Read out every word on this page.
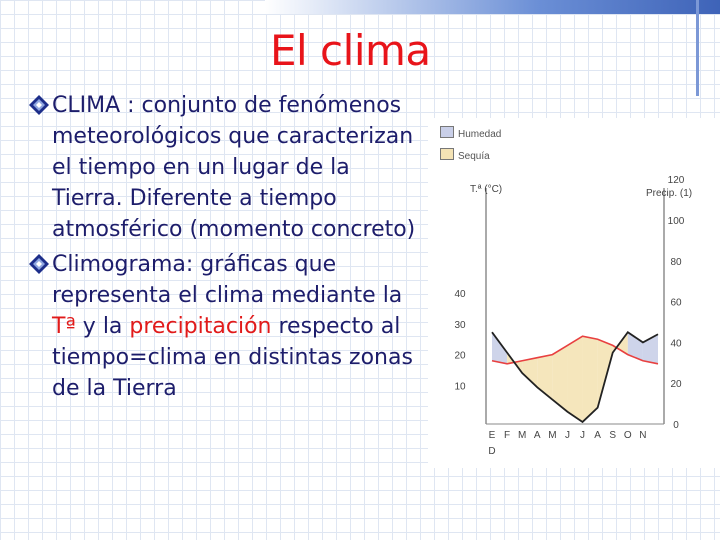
El clima
CLIMA : conjunto de fenómenos meteorológicos que caracterizan el tiempo en un lugar de la Tierra. Diferente a tiempo atmosférico (momento concreto)
Climograma: gráficas que representa el clima mediante la Tª y la precipitación respecto al tiempo=clima en distintas zonas de la Tierra
Humedad
Sequía
T.ª (°C)	Precip. (1)
10
20
30
40
0
20
40
60
80
100
120
E F M A M J J A S O N
D
